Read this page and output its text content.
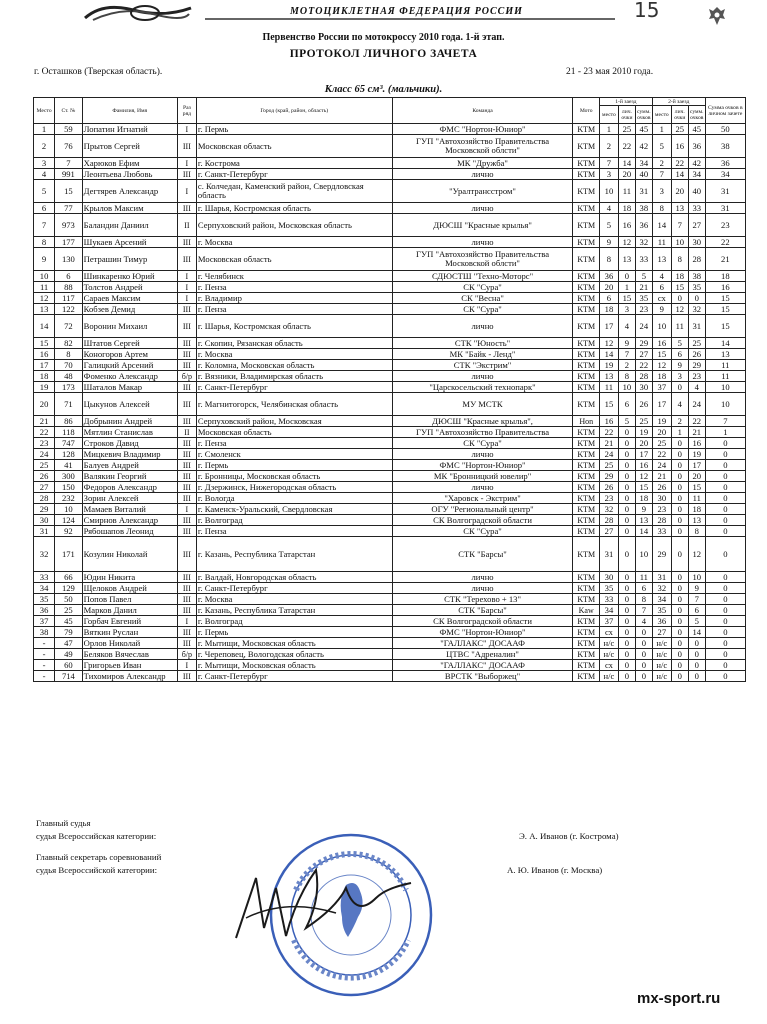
МОТОЦИКЛЕТНАЯ ФЕДЕРАЦИЯ РОССИИ	15
Первенство России по мотокроссу 2010 года. 1-й этап.
ПРОТОКОЛ ЛИЧНОГО ЗАЧЕТА
г. Осташков (Тверская область).	21 - 23 мая 2010 года.
Класс 65 см³. (мальчики).
Место	Ст. №	Фамилия, Имя	Раз ряд	Город (край, район, область)	Команда	Мото	1-й заезд			2-й заезд			Сумма очков в личном зачете
							место	лич. очки	сумм. очков	место	лич. очки	сумм. очков	
1	59	Лопатин Игнатий	I	г. Пермь	ФМС "Нортон-Юниор"	KTM	1	25	45	1	25	45	50
2	76	Прытов Сергей	III	Московская область	ГУП "Автохозяйство Правительства Московской облсти"	KTM	2	22	42	5	16	36	38
3	7	Харюков Ефим	I	г. Кострома	МК "Дружба"	KTM	7	14	34	2	22	42	36
4	991	Леонтьева Любовь	III	г. Санкт-Петербург	лично	KTM	3	20	40	7	14	34	34
5	15	Дегтярев Александр	I	с. Колчедан, Каменский район, Свердловская область	"Уралтрансстром"	KTM	10	11	31	3	20	40	31
6	77	Крылов Максим	III	г. Шарья, Костромская область	лично	KTM	4	18	38	8	13	33	31
7	973	Баландин Даниил	II	Серпуховский район, Московская область	ДЮСШ "Красные крылья"	KTM	5	16	36	14	7	27	23
8	177	Шукаев Арсений	III	г. Москва	лично	KTM	9	12	32	11	10	30	22
9	130	Петрашин Тимур	III	Московская область	ГУП "Автохозяйство Правительства Московской облсти"	KTM	8	13	33	13	8	28	21
10	6	Шинкаренко Юрий	I	г. Челябинск	СДЮСТШ "Техно-Моторс"	KTM	36	0	5	4	18	38	18
11	88	Толстов Андрей	I	г. Пенза	СК "Сура"	KTM	20	1	21	6	15	35	16
12	117	Сараев Максим	I	г. Владимир	СК "Весна"	KTM	6	15	35	сх	0	0	15
13	122	Кобзев Демид	III	г. Пенза	СК "Сура"	KTM	18	3	23	9	12	32	15
14	72	Воронин Михаил	III	г. Шарья, Костромская область	лично	KTM	17	4	24	10	11	31	15
15	82	Штатов Сергей	III	г. Скопин, Рязанская область	СТК "Юность"	KTM	12	9	29	16	5	25	14
16	8	Коногоров Артем	III	г. Москва	МК "Байк - Ленд"	KTM	14	7	27	15	6	26	13
17	70	Галицкий Арсений	III	г. Коломна, Московская область	СТК "Экстрим"	KTM	19	2	22	12	9	29	11
18	48	Фоменко Александр	б/р	г. Вязники, Владимирская область	лично	KTM	13	8	28	18	3	23	11
19	173	Шаталов Макар	III	г. Санкт-Петербург	"Царскосельский технопарк"	KTM	11	10	30	37	0	4	10
20	71	Цыкунов Алексей	III	г. Магнитогорск, Челябинская область	МУ МСТК	KTM	15	6	26	17	4	24	10
21	86	Добрынин Андрей	III	Серпуховский район, Московская	ДЮСШ "Красные крылья",	Hon	16	5	25	19	2	22	7
22	118	Мятлин Станислав	II	Московская область	ГУП "Автохозяйство Правительства	KTM	22	0	19	20	1	21	1
23	747	Строков Давид	III	г. Пенза	СК "Сура"	KTM	21	0	20	25	0	16	0
24	128	Мицкевич Владимир	III	г. Смоленск	лично	KTM	24	0	17	22	0	19	0
25	41	Балуев Андрей	III	г. Пермь	ФМС "Нортон-Юниор"	KTM	25	0	16	24	0	17	0
26	300	Валякин Георгий	III	г. Бронницы, Московская область	МК "Бронницкий ювелир"	KTM	29	0	12	21	0	20	0
27	150	Федоров Александр	III	г. Дзержинск, Нижегородская область	лично	KTM	26	0	15	26	0	15	0
28	232	Зорин Алексей	III	г. Вологда	"Харовск - Экстрим"	KTM	23	0	18	30	0	11	0
29	10	Мамаев Виталий	I	г. Каменск-Уральский, Свердловская	ОГУ "Региональный центр"	KTM	32	0	9	23	0	18	0
30	124	Смирнов Александр	III	г. Волгоград	СК Волгоградской области	KTM	28	0	13	28	0	13	0
31	92	Рябошапов Леонид	III	г. Пенза	СК "Сура"	KTM	27	0	14	33	0	8	0
32	171	Козулин Николай	III	г. Казань, Республика Татарстан	СТК "Барсы"	KTM	31	0	10	29	0	12	0
33	66	Юдин Никита	III	г. Валдай, Новгородская область	лично	KTM	30	0	11	31	0	10	0
34	129	Щелоков Андрей	III	г. Санкт-Петербург	лично	KTM	35	0	6	32	0	9	0
35	50	Попов Павел	III	г. Москва	СТК "Терехово + 13"	KTM	33	0	8	34	0	7	0
36	25	Марков Данил	III	г. Казань, Республика Татарстан	СТК "Барсы"	Kaw	34	0	7	35	0	6	0
37	45	Горбач Евгений	I	г. Волгоград	СК Волгоградской области	KTM	37	0	4	36	0	5	0
38	79	Вяткин Руслан	III	г. Пермь	ФМС "Нортон-Юниор"	KTM	сх	0	0	27	0	14	0
-	47	Орлов Николай	III	г. Мытищи, Московская область	"ГАЛЛАКС" ДОСААФ	KTM	н/с	0	0	н/с	0	0	0
-	49	Беляков Вячеслав	б/р	г. Череповец, Вологодская область	ЦТВС "Адреналин"	KTM	н/с	0	0	н/с	0	0	0
-	60	Григорьев Иван	I	г. Мытищи, Московская область	"ГАЛЛАКС" ДОСААФ	KTM	сх	0	0	н/с	0	0	0
-	714	Тихомиров Александр	III	г. Санкт-Петербург	ВРСТК "Выборжец"	KTM	н/с	0	0	н/с	0	0	0
Главный судья
судья Всероссийская категории:	Э. А. Иванов (г. Кострома)
Главный секретарь соревнований
судья Всероссийской категории:	А. Ю. Иванов (г. Москва)
mx-sport.ru
